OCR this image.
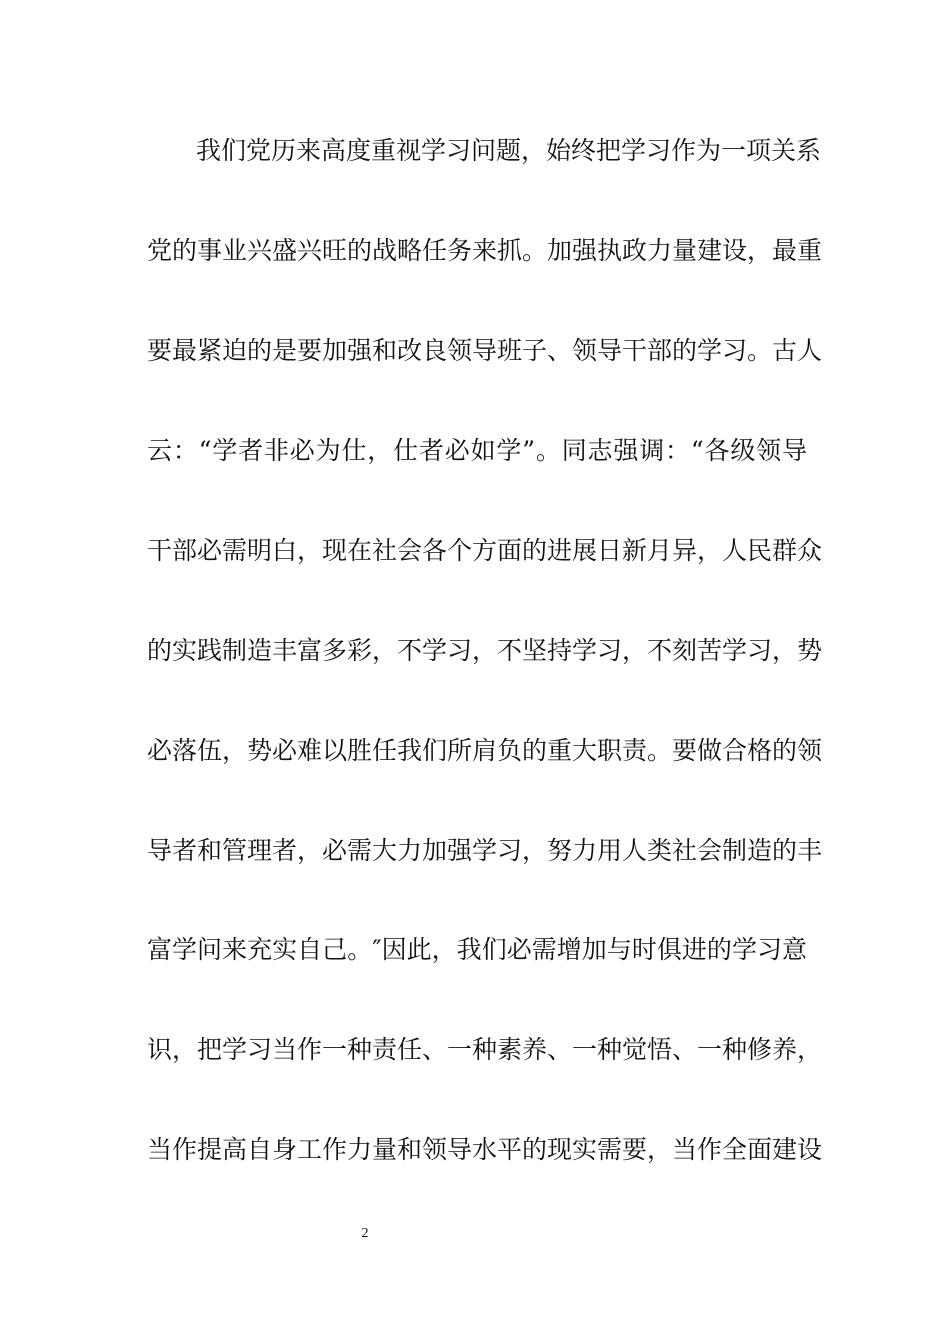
我们党历来高度重视学习问题，始终把学习作为一项关系
党的事业兴盛兴旺的战略任务来抓。加强执政力量建设，最重
要最紧迫的是要加强和改良领导班子、领导干部的学习。古人
云：“学者非必为仕，仕者必如学”。同志强调：“各级领导
干部必需明白，现在社会各个方面的进展日新月异，人民群众
的实践制造丰富多彩，不学习，不坚持学习，不刻苦学习，势
必落伍，势必难以胜任我们所肩负的重大职责。要做合格的领
导者和管理者，必需大力加强学习，努力用人类社会制造的丰
富学问来充实自己。″因此，我们必需增加与时俱进的学习意
识，把学习当作一种责任、一种素养、一种觉悟、一种修养，
当作提高自身工作力量和领导水平的现实需要，当作全面建设
2
